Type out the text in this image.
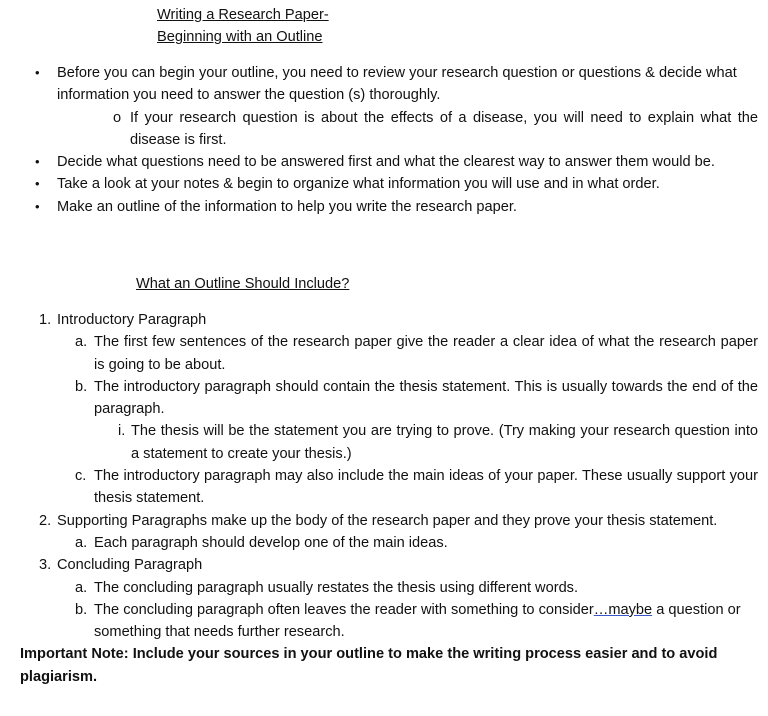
Writing a Research Paper-
Beginning with an Outline
• Before you can begin your outline, you need to review your research question or questions & decide what information you need to answer the question (s) thoroughly.
o If your research question is about the effects of a disease, you will need to explain what the disease is first.
• Decide what questions need to be answered first and what the clearest way to answer them would be.
• Take a look at your notes & begin to organize what information you will use and in what order.
• Make an outline of the information to help you write the research paper.
What an Outline Should Include?
1. Introductory Paragraph
a. The first few sentences of the research paper give the reader a clear idea of what the research paper is going to be about.
b. The introductory paragraph should contain the thesis statement. This is usually towards the end of the paragraph.
i. The thesis will be the statement you are trying to prove. (Try making your research question into a statement to create your thesis.)
c. The introductory paragraph may also include the main ideas of your paper. These usually support your thesis statement.
2. Supporting Paragraphs make up the body of the research paper and they prove your thesis statement.
a. Each paragraph should develop one of the main ideas.
3. Concluding Paragraph
a. The concluding paragraph usually restates the thesis using different words.
b. The concluding paragraph often leaves the reader with something to consider…maybe a question or something that needs further research.
Important Note: Include your sources in your outline to make the writing process easier and to avoid plagiarism.
